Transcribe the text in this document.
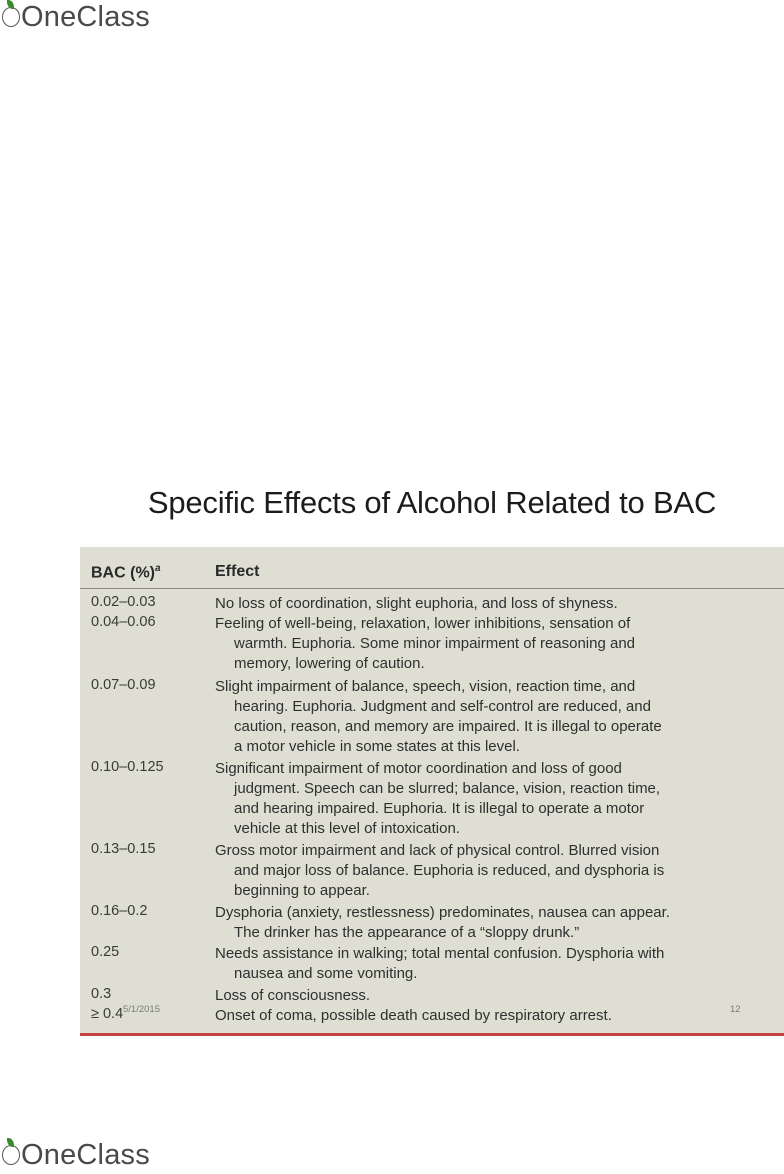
OneClass
Specific Effects of Alcohol Related to BAC
BAC (%)$^a$	Effect
0.02–0.03	No loss of coordination, slight euphoria, and loss of shyness.
0.04–0.06	Feeling of well-being, relaxation, lower inhibitions, sensation of
warmth. Euphoria. Some minor impairment of reasoning and
memory, lowering of caution.
0.07–0.09	Slight impairment of balance, speech, vision, reaction time, and
hearing. Euphoria. Judgment and self-control are reduced, and
caution, reason, and memory are impaired. It is illegal to operate
a motor vehicle in some states at this level.
0.10–0.125	Significant impairment of motor coordination and loss of good
judgment. Speech can be slurred; balance, vision, reaction time,
and hearing impaired. Euphoria. It is illegal to operate a motor
vehicle at this level of intoxication.
0.13–0.15	Gross motor impairment and lack of physical control. Blurred vision
and major loss of balance. Euphoria is reduced, and dysphoria is
beginning to appear.
0.16–0.2	Dysphoria (anxiety, restlessness) predominates, nausea can appear.
The drinker has the appearance of a “sloppy drunk.”
0.25	Needs assistance in walking; total mental confusion. Dysphoria with
nausea and some vomiting.
0.3	Loss of consciousness.
≥ 0.4	Onset of coma, possible death caused by respiratory arrest.
5/1/2015	12
OneClass
